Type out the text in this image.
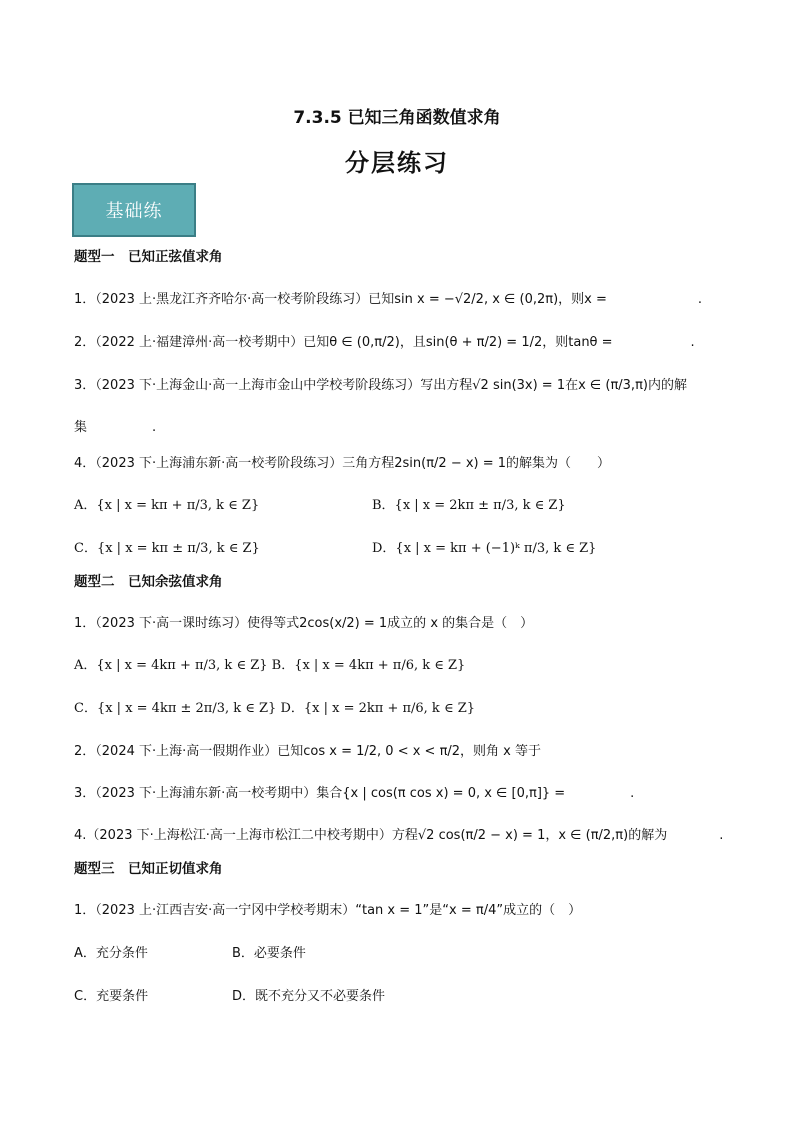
7.3.5 已知三角函数值求角
分层练习
基础练
题型一　已知正弦值求角
1．（2023 上·黑龙江齐齐哈尔·高一校考阶段练习）已知sin x = −√2/2, x ∈ (0,2π)，则x =　　　　　　　.
2．（2022 上·福建漳州·高一校考期中）已知θ ∈ (0,π/2)，且sin(θ + π/2) = 1/2，则tanθ =　　　　　　.
3．（2023 下·上海金山·高一上海市金山中学校考阶段练习）写出方程√2 sin(3x) = 1在x ∈ (π/3,π)内的解
集　　　　　.
4．（2023 下·上海浦东新·高一校考阶段练习）三角方程2sin(π/2 − x) = 1的解集为（　　）
A．{x | x = kπ + π/3, k ∈ Z}	B．{x | x = 2kπ ± π/3, k ∈ Z}
C．{x | x = kπ ± π/3, k ∈ Z}	D．{x | x = kπ + (−1)ᵏ π/3, k ∈ Z}
题型二　已知余弦值求角
1．（2023 下·高一课时练习）使得等式2cos(x/2) = 1成立的 x 的集合是（　）
A．{x | x = 4kπ + π/3, k ∈ Z} B．{x | x = 4kπ + π/6, k ∈ Z}
C．{x | x = 4kπ ± 2π/3, k ∈ Z} D．{x | x = 2kπ + π/6, k ∈ Z}
2．（2024 下·上海·高一假期作业）已知cos x = 1/2, 0 < x < π/2，则角 x 等于
3．（2023 下·上海浦东新·高一校考期中）集合{x | cos(π cos x) = 0, x ∈ [0,π]} =　　　　　.
4.（2023 下·上海松江·高一上海市松江二中校考期中）方程√2 cos(π/2 − x) = 1，x ∈ (π/2,π)的解为　　　　.
题型三　已知正切值求角
1．（2023 上·江西吉安·高一宁冈中学校考期末）“tan x = 1”是“x = π/4”成立的（　）
A．充分条件	B．必要条件
C．充要条件	D．既不充分又不必要条件
